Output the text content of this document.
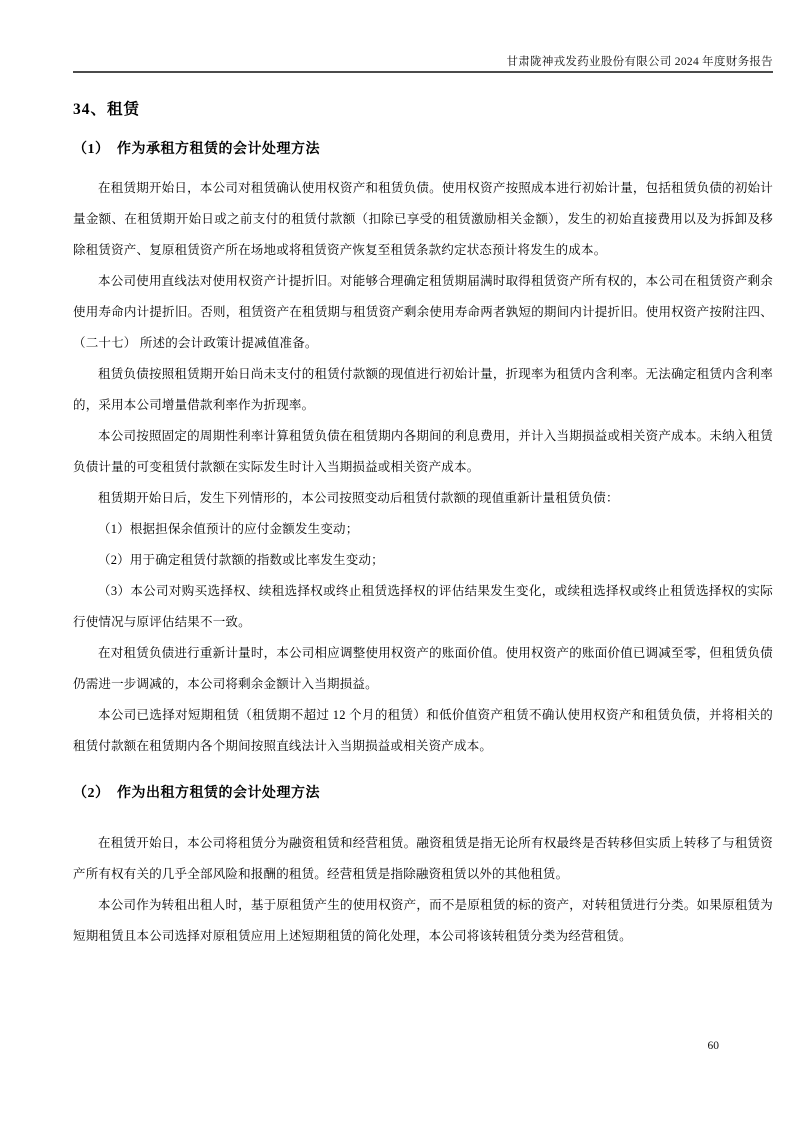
甘肃陇神戎发药业股份有限公司 2024 年度财务报告
34、租赁
（1）　作为承租方租赁的会计处理方法

在租赁期开始日，本公司对租赁确认使用权资产和租赁负债。使用权资产按照成本进行初始计量，包括租赁负债的初始计量金额、在租赁期开始日或之前支付的租赁付款额（扣除已享受的租赁激励相关金额），发生的初始直接费用以及为拆卸及移除租赁资产、复原租赁资产所在场地或将租赁资产恢复至租赁条款约定状态预计将发生的成本。

本公司使用直线法对使用权资产计提折旧。对能够合理确定租赁期届满时取得租赁资产所有权的，本公司在租赁资产剩余使用寿命内计提折旧。否则，租赁资产在租赁期与租赁资产剩余使用寿命两者孰短的期间内计提折旧。使用权资产按附注四、（二十七） 所述的会计政策计提减值准备。

租赁负债按照租赁期开始日尚未支付的租赁付款额的现值进行初始计量，折现率为租赁内含利率。无法确定租赁内含利率的，采用本公司增量借款利率作为折现率。

本公司按照固定的周期性利率计算租赁负债在租赁期内各期间的利息费用，并计入当期损益或相关资产成本。未纳入租赁负债计量的可变租赁付款额在实际发生时计入当期损益或相关资产成本。

租赁期开始日后，发生下列情形的，本公司按照变动后租赁付款额的现值重新计量租赁负债：

（1）根据担保余值预计的应付金额发生变动；

（2）用于确定租赁付款额的指数或比率发生变动；

（3）本公司对购买选择权、续租选择权或终止租赁选择权的评估结果发生变化，或续租选择权或终止租赁选择权的实际行使情况与原评估结果不一致。

在对租赁负债进行重新计量时，本公司相应调整使用权资产的账面价值。使用权资产的账面价值已调减至零，但租赁负债仍需进一步调减的，本公司将剩余金额计入当期损益。

本公司已选择对短期租赁（租赁期不超过 12 个月的租赁）和低价值资产租赁不确认使用权资产和租赁负债，并将相关的租赁付款额在租赁期内各个期间按照直线法计入当期损益或相关资产成本。

（2）　作为出租方租赁的会计处理方法

在租赁开始日，本公司将租赁分为融资租赁和经营租赁。融资租赁是指无论所有权最终是否转移但实质上转移了与租赁资产所有权有关的几乎全部风险和报酬的租赁。经营租赁是指除融资租赁以外的其他租赁。

本公司作为转租出租人时，基于原租赁产生的使用权资产，而不是原租赁的标的资产，对转租赁进行分类。如果原租赁为短期租赁且本公司选择对原租赁应用上述短期租赁的简化处理，本公司将该转租赁分类为经营租赁。

60
